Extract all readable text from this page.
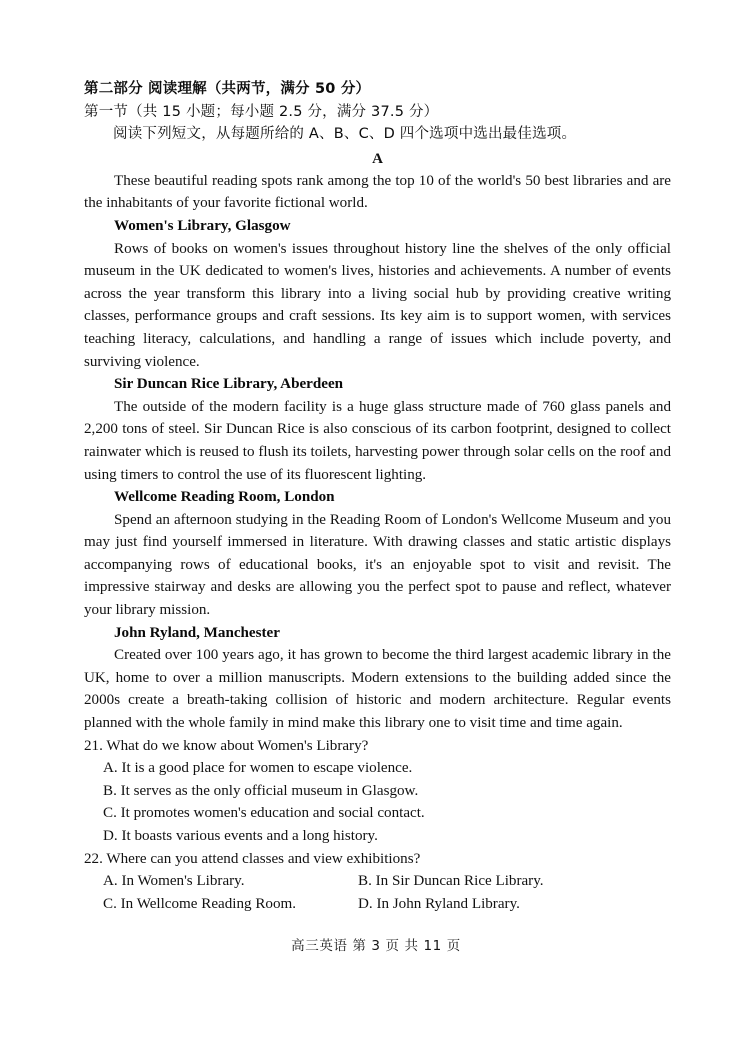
第二部分 阅读理解（共两节，满分 50 分）
第一节（共 15 小题；每小题 2.5 分，满分 37.5 分）
阅读下列短文，从每题所给的 A、B、C、D 四个选项中选出最佳选项。
A

These beautiful reading spots rank among the top 10 of the world's 50 best libraries and are the inhabitants of your favorite fictional world.

Women's Library, Glasgow

Rows of books on women's issues throughout history line the shelves of the only official museum in the UK dedicated to women's lives, histories and achievements. A number of events across the year transform this library into a living social hub by providing creative writing classes, performance groups and craft sessions. Its key aim is to support women, with services teaching literacy, calculations, and handling a range of issues which include poverty, and surviving violence.

Sir Duncan Rice Library, Aberdeen

The outside of the modern facility is a huge glass structure made of 760 glass panels and 2,200 tons of steel. Sir Duncan Rice is also conscious of its carbon footprint, designed to collect rainwater which is reused to flush its toilets, harvesting power through solar cells on the roof and using timers to control the use of its fluorescent lighting.

Wellcome Reading Room, London

Spend an afternoon studying in the Reading Room of London's Wellcome Museum and you may just find yourself immersed in literature. With drawing classes and static artistic displays accompanying rows of educational books, it's an enjoyable spot to visit and revisit. The impressive stairway and desks are allowing you the perfect spot to pause and reflect, whatever your library mission.

John Ryland, Manchester

Created over 100 years ago, it has grown to become the third largest academic library in the UK, home to over a million manuscripts. Modern extensions to the building added since the 2000s create a breath-taking collision of historic and modern architecture. Regular events planned with the whole family in mind make this library one to visit time and time again.

21. What do we know about Women's Library?

A. It is a good place for women to escape violence.

B. It serves as the only official museum in Glasgow.

C. It promotes women's education and social contact.

D. It boasts various events and a long history.

22. Where can you attend classes and view exhibitions?

A. In Women's Library.	B. In Sir Duncan Rice Library.
C. In Wellcome Reading Room.	D. In John Ryland Library.
高三英语 第 3 页 共 11 页
